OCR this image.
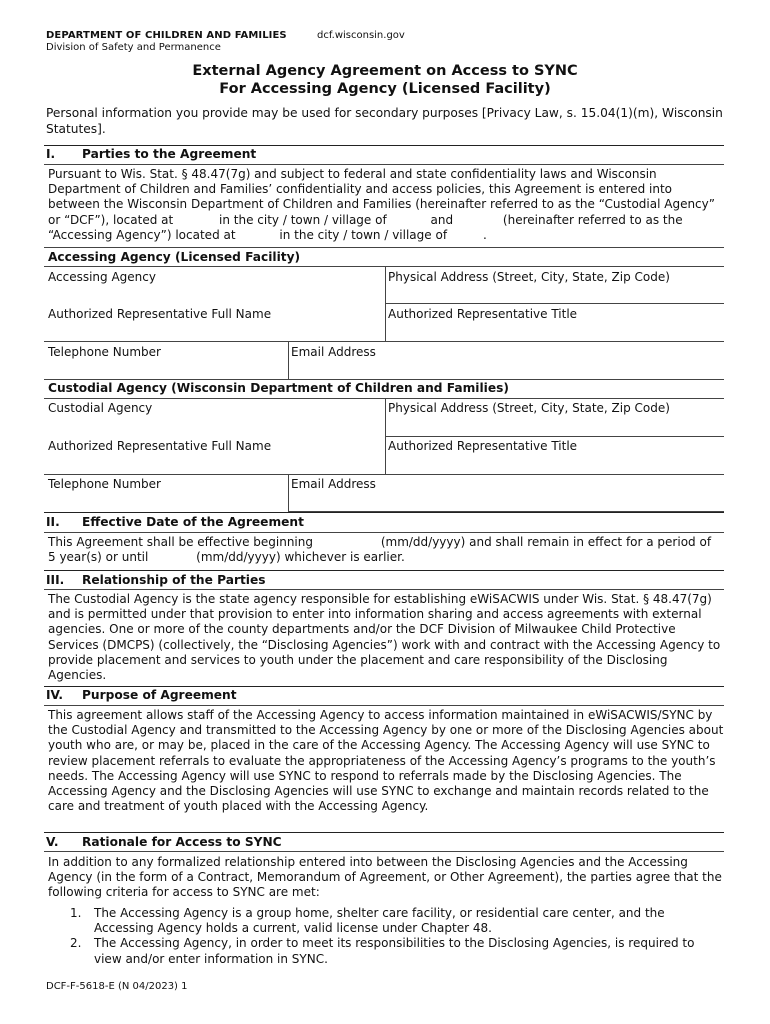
DEPARTMENT OF CHILDREN AND FAMILIES	dcf.wisconsin.gov
Division of Safety and Permanence
External Agency Agreement on Access to SYNC
For Accessing Agency (Licensed Facility)
Personal information you provide may be used for secondary purposes [Privacy Law, s. 15.04(1)(m), Wisconsin Statutes].
I. Parties to the Agreement
Pursuant to Wis. Stat. § 48.47(7g) and subject to federal and state confidentiality laws and Wisconsin Department of Children and Families’ confidentiality and access policies, this Agreement is entered into between the Wisconsin Department of Children and Families (hereinafter referred to as the “Custodial Agency” or “DCF”), located at	in the city / town / village of	and	(hereinafter referred to as the “Accessing Agency”) located at	in the city / town / village of	.
Accessing Agency (Licensed Facility)
Accessing Agency	Physical Address (Street, City, State, Zip Code)
Authorized Representative Full Name	Authorized Representative Title
Telephone Number	Email Address
Custodial Agency (Wisconsin Department of Children and Families)
Custodial Agency	Physical Address (Street, City, State, Zip Code)
Authorized Representative Full Name	Authorized Representative Title
Telephone Number	Email Address
II. Effective Date of the Agreement
This Agreement shall be effective beginning	(mm/dd/yyyy) and shall remain in effect for a period of
5 year(s) or until	(mm/dd/yyyy) whichever is earlier.
III. Relationship of the Parties
The Custodial Agency is the state agency responsible for establishing eWiSACWIS under Wis. Stat. § 48.47(7g) and is permitted under that provision to enter into information sharing and access agreements with external agencies. One or more of the county departments and/or the DCF Division of Milwaukee Child Protective Services (DMCPS) (collectively, the “Disclosing Agencies”) work with and contract with the Accessing Agency to provide placement and services to youth under the placement and care responsibility of the Disclosing Agencies.
IV. Purpose of Agreement
This agreement allows staff of the Accessing Agency to access information maintained in eWiSACWIS/SYNC by the Custodial Agency and transmitted to the Accessing Agency by one or more of the Disclosing Agencies about youth who are, or may be, placed in the care of the Accessing Agency. The Accessing Agency will use SYNC to review placement referrals to evaluate the appropriateness of the Accessing Agency’s programs to the youth’s needs. The Accessing Agency will use SYNC to respond to referrals made by the Disclosing Agencies. The Accessing Agency and the Disclosing Agencies will use SYNC to exchange and maintain records related to the care and treatment of youth placed with the Accessing Agency.
V. Rationale for Access to SYNC
In addition to any formalized relationship entered into between the Disclosing Agencies and the Accessing Agency (in the form of a Contract, Memorandum of Agreement, or Other Agreement), the parties agree that the following criteria for access to SYNC are met:
1.	The Accessing Agency is a group home, shelter care facility, or residential care center, and the Accessing Agency holds a current, valid license under Chapter 48.
2.	The Accessing Agency, in order to meet its responsibilities to the Disclosing Agencies, is required to view and/or enter information in SYNC.
DCF-F-5618-E (N 04/2023) 1
